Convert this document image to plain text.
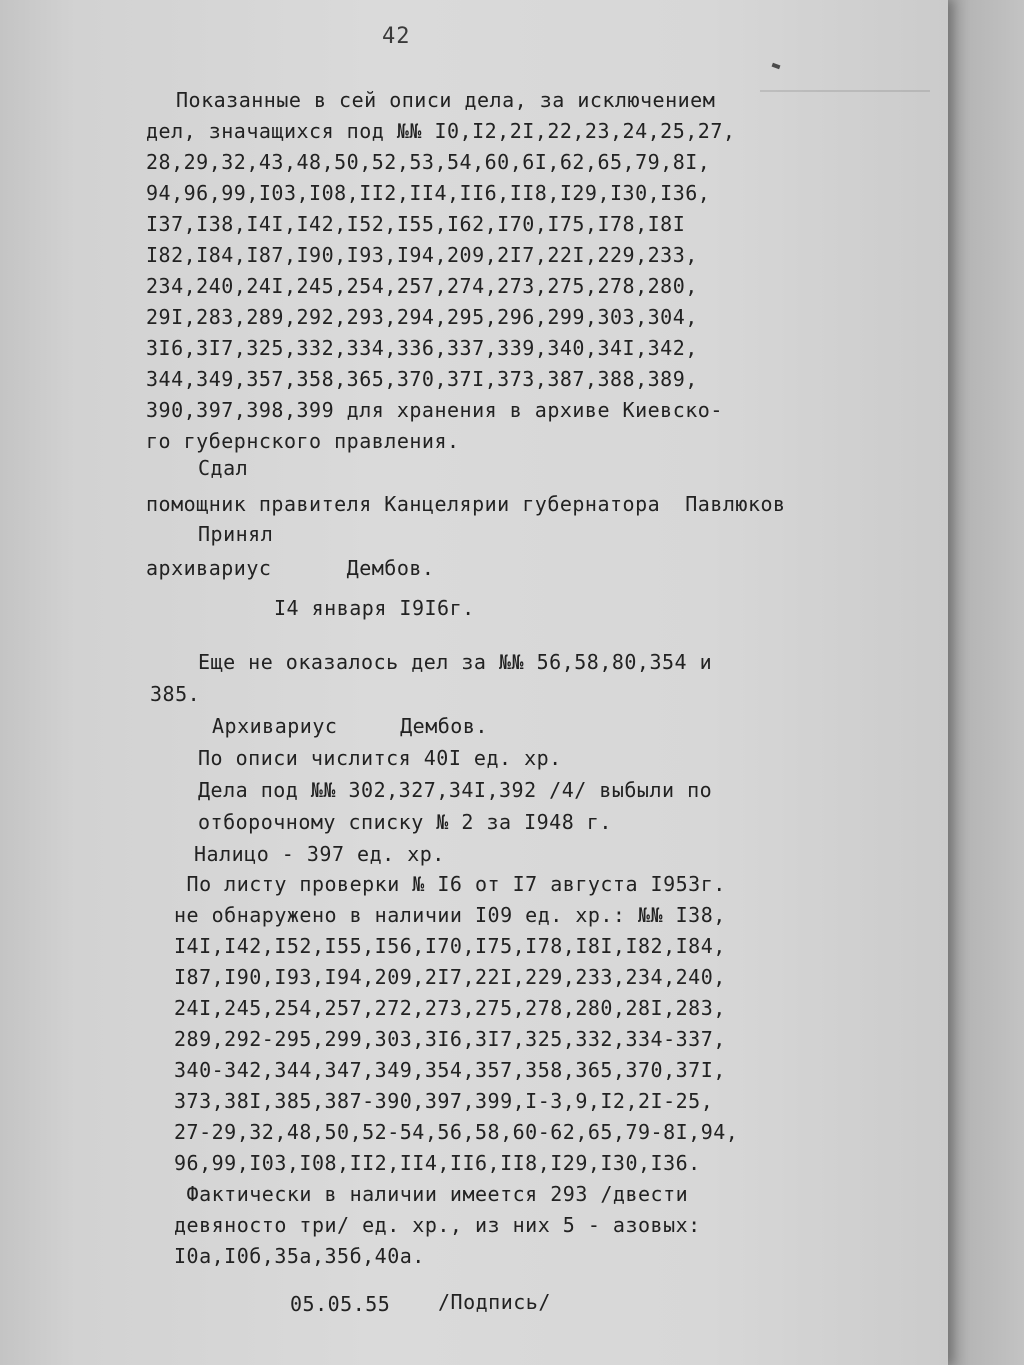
42
Показанные в сей описи дела, за исключением
дел, значащихся под №№ I0,I2,2I,22,23,24,25,27,
28,29,32,43,48,50,52,53,54,60,6I,62,65,79,8I,
94,96,99,I03,I08,II2,II4,II6,II8,I29,I30,I36,
I37,I38,I4I,I42,I52,I55,I62,I70,I75,I78,I8I
I82,I84,I87,I90,I93,I94,209,2I7,22I,229,233,
234,240,24I,245,254,257,274,273,275,278,280,
29I,283,289,292,293,294,295,296,299,303,304,
3I6,3I7,325,332,334,336,337,339,340,34I,342,
344,349,357,358,365,370,37I,373,387,388,389,
390,397,398,399 для хранения в архиве Киевско-
го губернского правления.
Сдал
помощник правителя Канцелярии губернатора  Павлюков
Принял
архивариус      Дембов.
I4 января I9I6г.
Еще не оказалось дел за №№ 56,58,80,354 и
385.
Архивариус     Дембов.
По описи числится 40I ед. хр.
Дела под №№ 302,327,34I,392 /4/ выбыли по
отборочному списку № 2 за I948 г.
Налицо - 397 ед. хр.
По листу проверки № I6 от I7 августа I953г.
не обнаружено в наличии I09 ед. хр.: №№ I38,
I4I,I42,I52,I55,I56,I70,I75,I78,I8I,I82,I84,
I87,I90,I93,I94,209,2I7,22I,229,233,234,240,
24I,245,254,257,272,273,275,278,280,28I,283,
289,292-295,299,303,3I6,3I7,325,332,334-337,
340-342,344,347,349,354,357,358,365,370,37I,
373,38I,385,387-390,397,399,I-3,9,I2,2I-25,
27-29,32,48,50,52-54,56,58,60-62,65,79-8I,94,
96,99,I03,I08,II2,II4,II6,II8,I29,I30,I36.
Фактически в наличии имеется 293 /двести
девяносто три/ ед. хр., из них 5 - азовых:
I0а,I0б,35а,35б,40а.
05.05.55 /Подпись/
